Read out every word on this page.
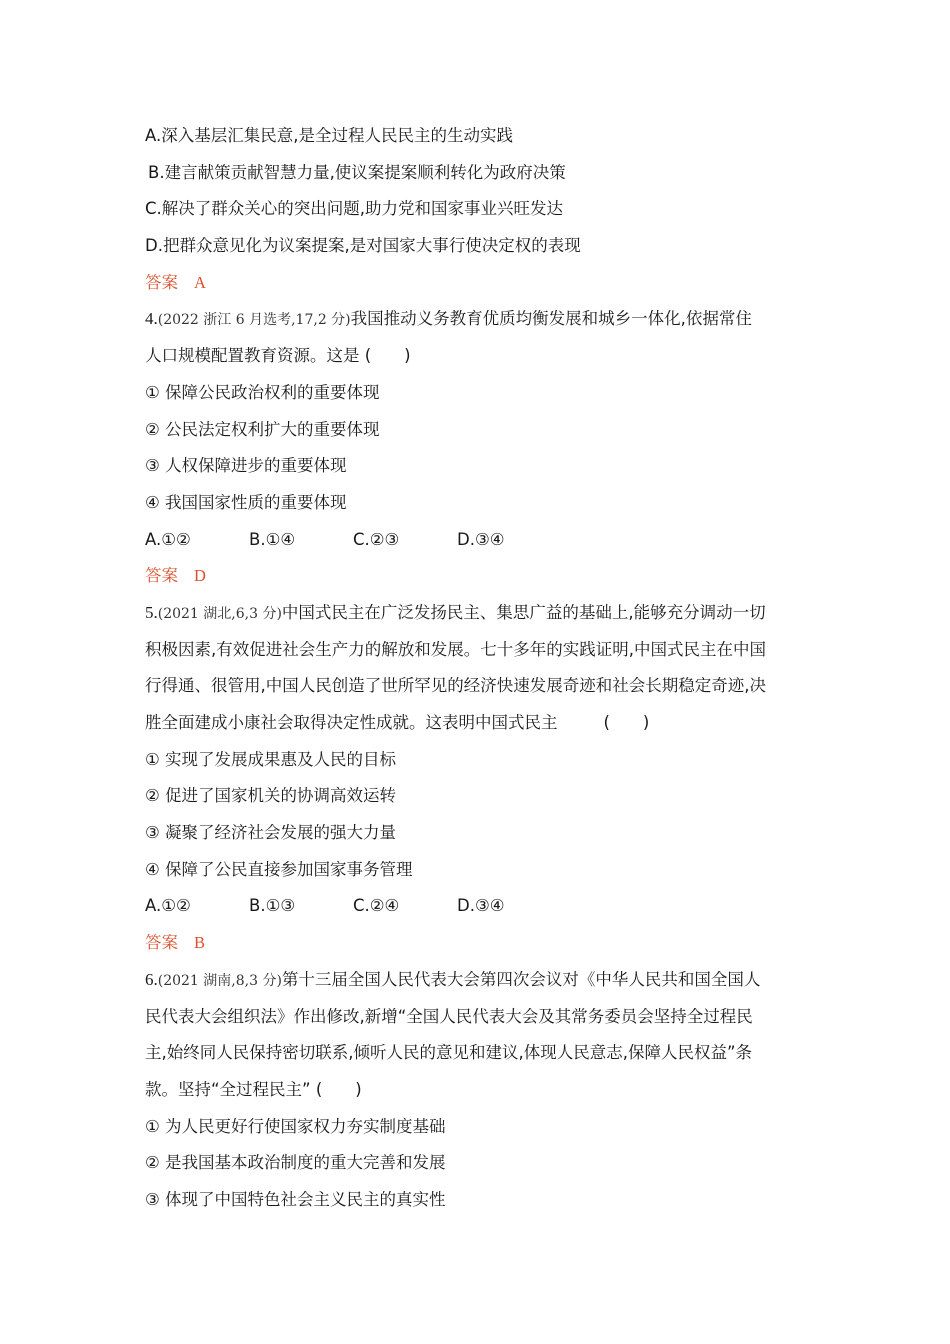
A.深入基层汇集民意,是全过程人民民主的生动实践
B.建言献策贡献智慧力量,使议案提案顺利转化为政府决策
C.解决了群众关心的突出问题,助力党和国家事业兴旺发达
D.把群众意见化为议案提案,是对国家大事行使决定权的表现
答案 A
4.(2022 浙江 6 月选考,17,2 分)我国推动义务教育优质均衡发展和城乡一体化,依据常住
人口规模配置教育资源。这是 (　　)
① 保障公民政治权利的重要体现
② 公民法定权利扩大的重要体现
③ 人权保障进步的重要体现
④ 我国国家性质的重要体现
A.①②	B.①④	C.②③	D.③④
答案 D
5.(2021 湖北,6,3 分)中国式民主在广泛发扬民主、集思广益的基础上,能够充分调动一切
积极因素,有效促进社会生产力的解放和发展。七十多年的实践证明,中国式民主在中国
行得通、很管用,中国人民创造了世所罕见的经济快速发展奇迹和社会长期稳定奇迹,决
胜全面建成小康社会取得决定性成就。这表明中国式民主	(　　)
① 实现了发展成果惠及人民的目标
② 促进了国家机关的协调高效运转
③ 凝聚了经济社会发展的强大力量
④ 保障了公民直接参加国家事务管理
A.①②	B.①③	C.②④	D.③④
答案 B
6.(2021 湖南,8,3 分)第十三届全国人民代表大会第四次会议对《中华人民共和国全国人
民代表大会组织法》作出修改,新增“全国人民代表大会及其常务委员会坚持全过程民
主,始终同人民保持密切联系,倾听人民的意见和建议,体现人民意志,保障人民权益”条
款。坚持“全过程民主” (　　)
① 为人民更好行使国家权力夯实制度基础
② 是我国基本政治制度的重大完善和发展
③ 体现了中国特色社会主义民主的真实性
